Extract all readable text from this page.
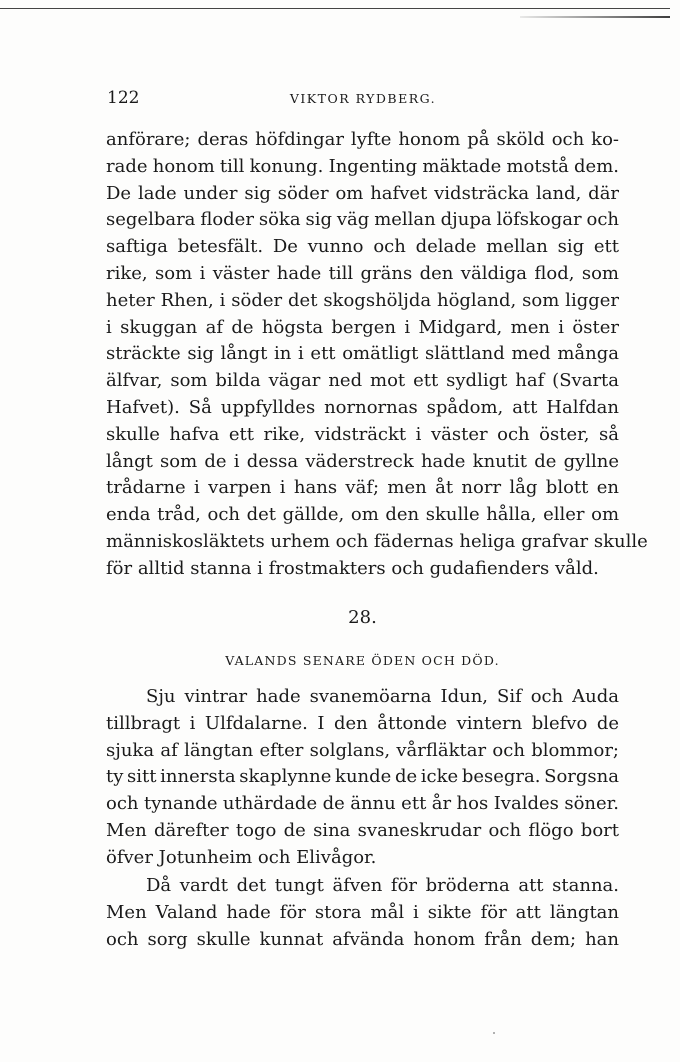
122	VIKTOR RYDBERG.

anförare; deras höfdingar lyfte honom på sköld och ko-
rade honom till konung. Ingenting mäktade motstå dem.
De lade under sig söder om hafvet vidsträcka land, där
segelbara floder söka sig väg mellan djupa löfskogar och
saftiga betesfält. De vunno och delade mellan sig ett
rike, som i väster hade till gräns den väldiga flod, som
heter Rhen, i söder det skogshöljda högland, som ligger
i skuggan af de högsta bergen i Midgard, men i öster
sträckte sig långt in i ett omätligt slättland med många
älfvar, som bilda vägar ned mot ett sydligt haf (Svarta
Hafvet). Så uppfylldes nornornas spådom, att Halfdan
skulle hafva ett rike, vidsträckt i väster och öster, så
långt som de i dessa väderstreck hade knutit de gyllne
trådarne i varpen i hans väf; men åt norr låg blott en
enda tråd, och det gällde, om den skulle hålla, eller om
människosläktets urhem och fädernas heliga grafvar skulle
för alltid stanna i frostmakters och gudafienders våld.

28.
VALANDS SENARE ÖDEN OCH DÖD.

Sju vintrar hade svanemöarna Idun, Sif och Auda
tillbragt i Ulfdalarne. I den åttonde vintern blefvo de
sjuka af längtan efter solglans, vårfläktar och blommor;
ty sitt innersta skaplynne kunde de icke besegra. Sorgsna
och tynande uthärdade de ännu ett år hos Ivaldes söner.
Men därefter togo de sina svaneskrudar och flögo bort
öfver Jotunheim och Elivågor.

Då vardt det tungt äfven för bröderna att stanna.
Men Valand hade för stora mål i sikte för att längtan
och sorg skulle kunnat afvända honom från dem; han
